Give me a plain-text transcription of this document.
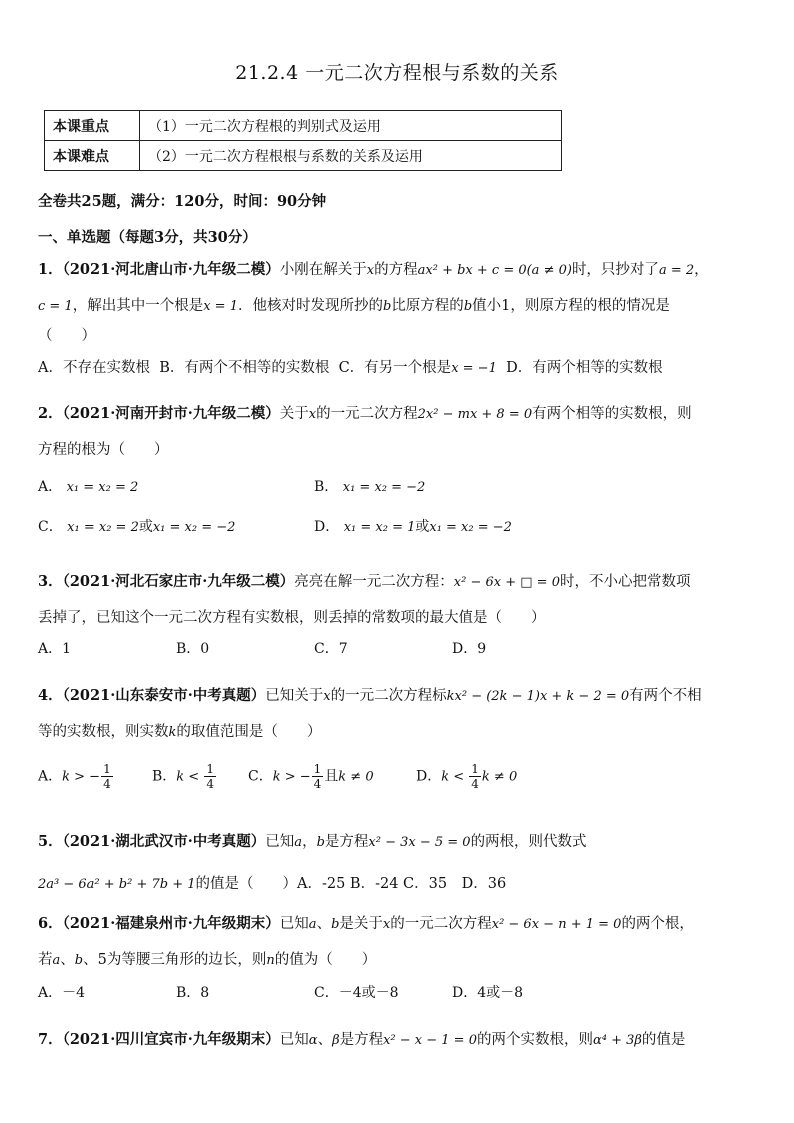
21.2.4 一元二次方程根与系数的关系
本课重点	（1）一元二次方程根的判别式及运用
本课难点	（2）一元二次方程根根与系数的关系及运用
全卷共25题，满分：120分，时间：90分钟
一、单选题（每题3分，共30分）
1．（2021·河北唐山市·九年级二模）小刚在解关于x的方程ax² + bx + c = 0(a ≠ 0)时，只抄对了a = 2，
c = 1，解出其中一个根是x = 1．他核对时发现所抄的b比原方程的b值小1，则原方程的根的情况是
（　　）
A．不存在实数根 B．有两个不相等的实数根 C．有另一个根是x = −1 D．有两个相等的实数根
2．（2021·河南开封市·九年级二模）关于x的一元二次方程2x² − mx + 8 = 0有两个相等的实数根，则
方程的根为（　　）
A． x₁ = x₂ = 2	B． x₁ = x₂ = −2
C． x₁ = x₂ = 2或x₁ = x₂ = −2	D． x₁ = x₂ = 1或x₁ = x₂ = −2
3．（2021·河北石家庄市·九年级二模）亮亮在解一元二次方程：x² − 6x + □ = 0时，不小心把常数项
丢掉了，已知这个一元二次方程有实数根，则丢掉的常数项的最大值是（　　）
A．1	B．0	C．7	D．9
4．（2021·山东泰安市·中考真题）已知关于x的一元二次方程标kx² − (2k − 1)x + k − 2 = 0有两个不相
等的实数根，则实数k的取值范围是（　　）
A．k > − $\frac{1}{4}$	B．$k < \frac{1}{4}$ C．k > − $\frac{1}{4}$ 且k ≠ 0	D．$k < \frac{1}{4}$ k ≠ 0
5．（2021·湖北武汉市·中考真题）已知a，b是方程x² − 3x − 5 = 0的两根，则代数式
2a³ − 6a² + b² + 7b + 1的值是（　　）A．-25 B．-24 C．35　D．36
6．（2021·福建泉州市·九年级期末）已知a、b是关于x的一元二次方程x² − 6x − n + 1 = 0的两个根，
若a、b、5为等腰三角形的边长，则n的值为（　　）
A．－4	B．8	C．－4或－8	D．4或－8
7．（2021·四川宜宾市·九年级期末）已知α、β是方程x² − x − 1 = 0的两个实数根，则α⁴ + 3β的值是
